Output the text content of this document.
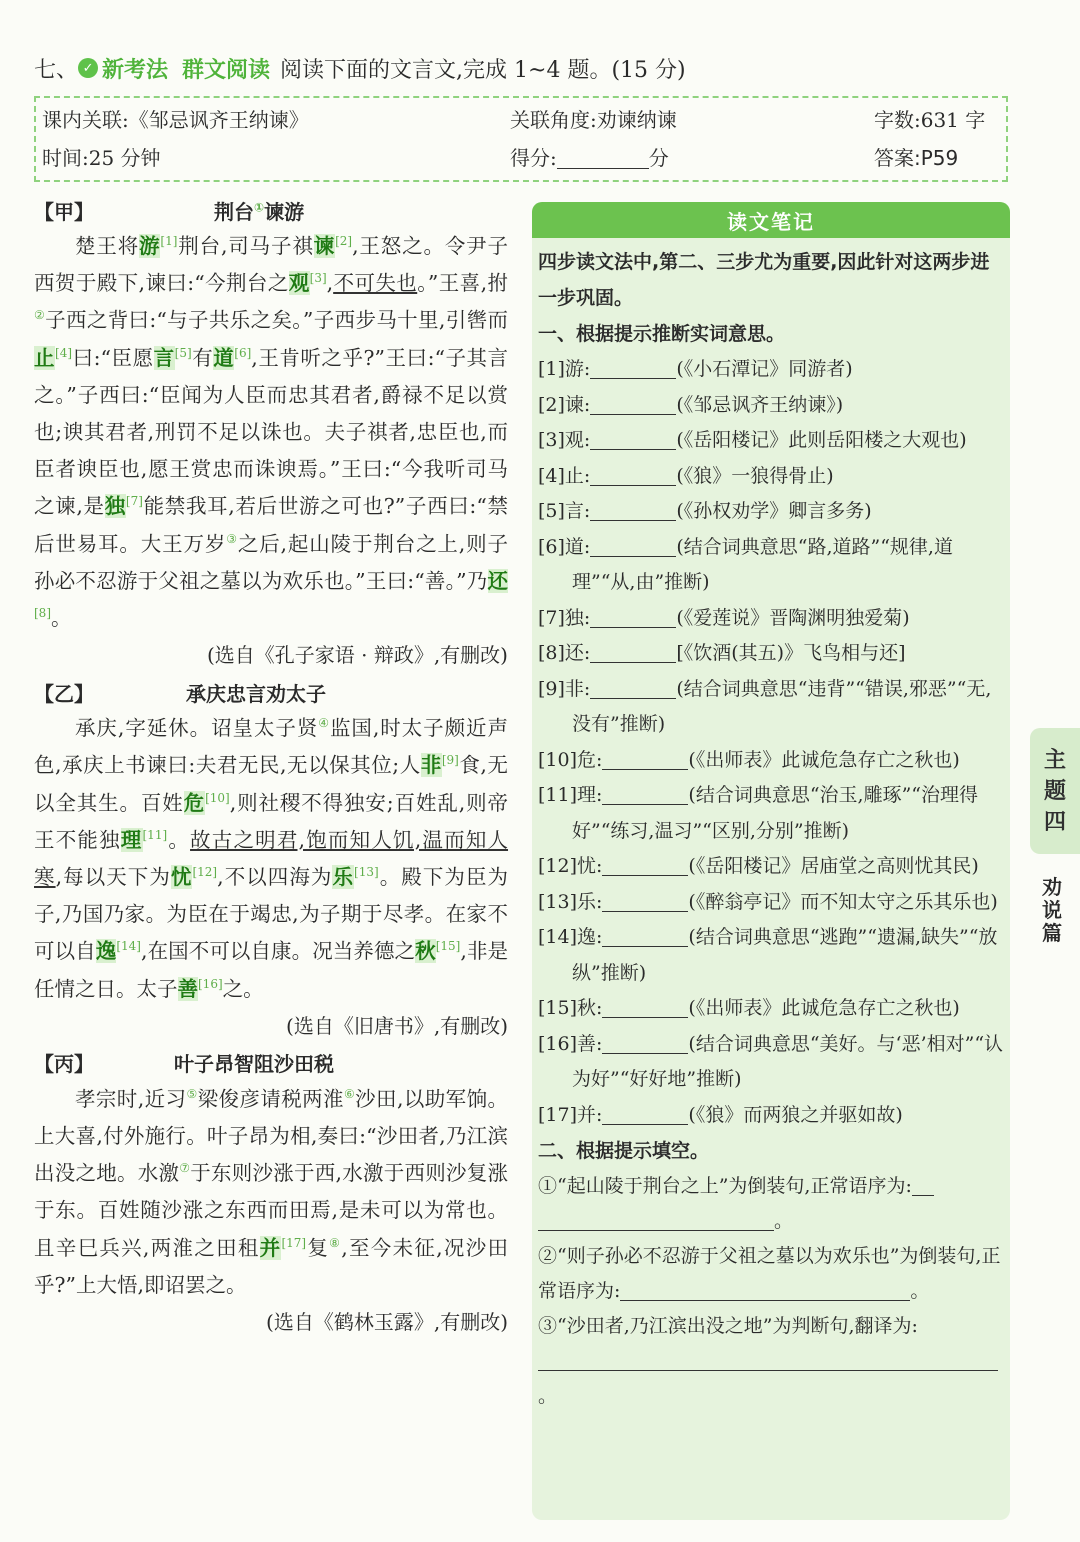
七、 ✓ 新考法 群文阅读 阅读下面的文言文,完成 1~4 题。(15 分)
课内关联:《邹忌讽齐王纳谏》	关联角度:劝谏纳谏	字数:631 字
时间:25 分钟	得分:	分	答案:P59
【甲】	荆台①谏游

楚王将游[1]荆台,司马子祺谏[2],王怒之。令尹子西贺于殿下,谏曰:“今荆台之观[3],不可失也。”王喜,拊②子西之背曰:“与子共乐之矣。”子西步马十里,引辔而止[4]曰:“臣愿言[5]有道[6],王肯听之乎?”王曰:“子其言之。”子西曰:“臣闻为人臣而忠其君者,爵禄不足以赏也;谀其君者,刑罚不足以诛也。夫子祺者,忠臣也,而臣者谀臣也,愿王赏忠而诛谀焉。”王曰:“今我听司马之谏,是独[7]能禁我耳,若后世游之可也?”子西曰:“禁后世易耳。大王万岁③之后,起山陵于荆台之上,则子孙必不忍游于父祖之墓以为欢乐也。”王曰:“善。”乃还[8]。

(选自《孔子家语 · 辩政》,有删改)

【乙】	承庆忠言劝太子

承庆,字延休。诏皇太子贤④监国,时太子颇近声色,承庆上书谏曰:夫君无民,无以保其位;人非[9]食,无以全其生。百姓危[10],则社稷不得独安;百姓乱,则帝王不能独理[11]。故古之明君,饱而知人饥,温而知人寒,每以天下为忧[12],不以四海为乐[13]。殿下为臣为子,乃国乃家。为臣在于竭忠,为子期于尽孝。在家不可以自逸[14],在国不可以自康。况当养德之秋[15],非是任情之日。太子善[16]之。

(选自《旧唐书》,有删改)

【丙】	叶子昂智阻沙田税

孝宗时,近习⑤梁俊彦请税两淮⑥沙田,以助军饷。上大喜,付外施行。叶子昂为相,奏曰:“沙田者,乃江滨出没之地。水激⑦于东则沙涨于西,水激于西则沙复涨于东。百姓随沙涨之东西而田焉,是未可以为常也。且辛巳兵兴,两淮之田租并[17]复⑧,至今未征,况沙田乎?”上大悟,即诏罢之。

(选自《鹤林玉露》,有删改)

读文笔记

四步读文法中,第二、三步尤为重要,因此针对这两步进一步巩固。

一、根据提示推断实词意思。

[1]游:	(《小石潭记》同游者)

[2]谏:	(《邹忌讽齐王纳谏》)

[3]观:	(《岳阳楼记》此则岳阳楼之大观也)

[4]止:	(《狼》一狼得骨止)

[5]言:	(《孙权劝学》卿言多务)

[6]道:	(结合词典意思“路,道路”“规律,道理”“从,由”推断)

[7]独:	(《爱莲说》晋陶渊明独爱菊)

[8]还:	[《饮酒(其五)》飞鸟相与还]

[9]非:	(结合词典意思“违背”“错误,邪恶”“无,没有”推断)

[10]危:	(《出师表》此诚危急存亡之秋也)

[11]理:	(结合词典意思“治玉,雕琢”“治理得好”“练习,温习”“区别,分别”推断)

[12]忧:	(《岳阳楼记》居庙堂之高则忧其民)

[13]乐:	(《醉翁亭记》而不知太守之乐其乐也)

[14]逸:	(结合词典意思“逃跑”“遗漏,缺失”“放纵”推断)

[15]秋:	(《出师表》此诚危急存亡之秋也)

[16]善:	(结合词典意思“美好。与‘恶’相对”“认为好”“好好地”推断)

[17]并:	(《狼》而两狼之并驱如故)

二、根据提示填空。

①“起山陵于荆台之上”为倒装句,正常语序为:
。

②“则子孙必不忍游于父祖之墓以为欢乐也”为倒装句,正常语序为:	。

③“沙田者,乃江滨出没之地”为判断句,翻译为:
。

主
题
四
劝
说
篇
